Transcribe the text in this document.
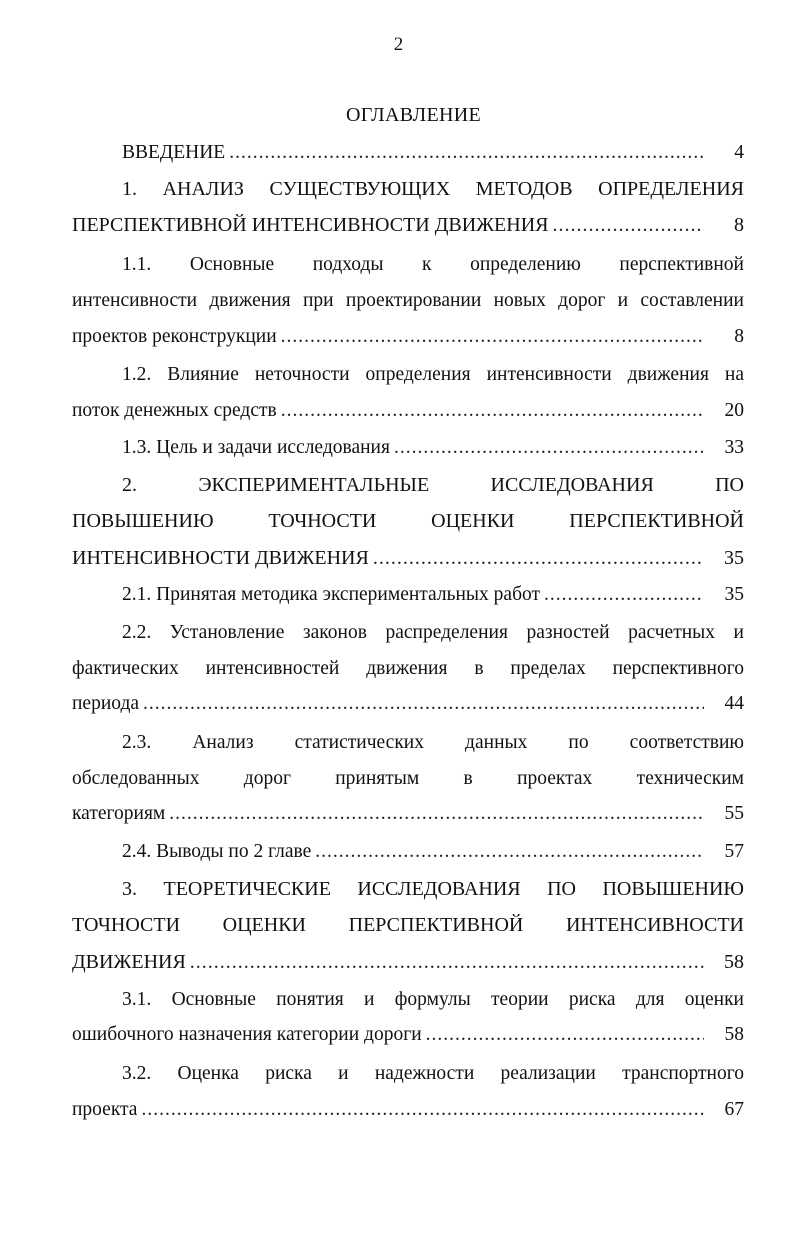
2
ОГЛАВЛЕНИЕ
ВВЕДЕНИЕ .....	4
1. АНАЛИЗ СУЩЕСТВУЮЩИХ МЕТОДОВ ОПРЕДЕЛЕНИЯ
ПЕРСПЕКТИВНОЙ ИНТЕНСИВНОСТИ ДВИЖЕНИЯ .....	8
1.1. Основные подходы к определению перспективной
интенсивности движения при проектировании новых дорог и составлении
проектов реконструкции .....	8
1.2. Влияние неточности определения интенсивности движения на
поток денежных средств .....	20
1.3. Цель и задачи исследования .....	33
2. ЭКСПЕРИМЕНТАЛЬНЫЕ ИССЛЕДОВАНИЯ ПО
ПОВЫШЕНИЮ ТОЧНОСТИ ОЦЕНКИ ПЕРСПЕКТИВНОЙ
ИНТЕНСИВНОСТИ ДВИЖЕНИЯ .....	35
2.1. Принятая методика экспериментальных работ .....	35
2.2. Установление законов распределения разностей расчетных и
фактических интенсивностей движения в пределах перспективного
периода .....	44
2.3. Анализ статистических данных по соответствию
обследованных дорог принятым в проектах техническим
категориям .....	55
2.4. Выводы по 2 главе .....	57
3. ТЕОРЕТИЧЕСКИЕ ИССЛЕДОВАНИЯ ПО ПОВЫШЕНИЮ
ТОЧНОСТИ ОЦЕНКИ ПЕРСПЕКТИВНОЙ ИНТЕНСИВНОСТИ
ДВИЖЕНИЯ .....	58
3.1. Основные понятия и формулы теории риска для оценки
ошибочного назначения категории дороги .....	58
3.2. Оценка риска и надежности реализации транспортного
проекта .....	67
